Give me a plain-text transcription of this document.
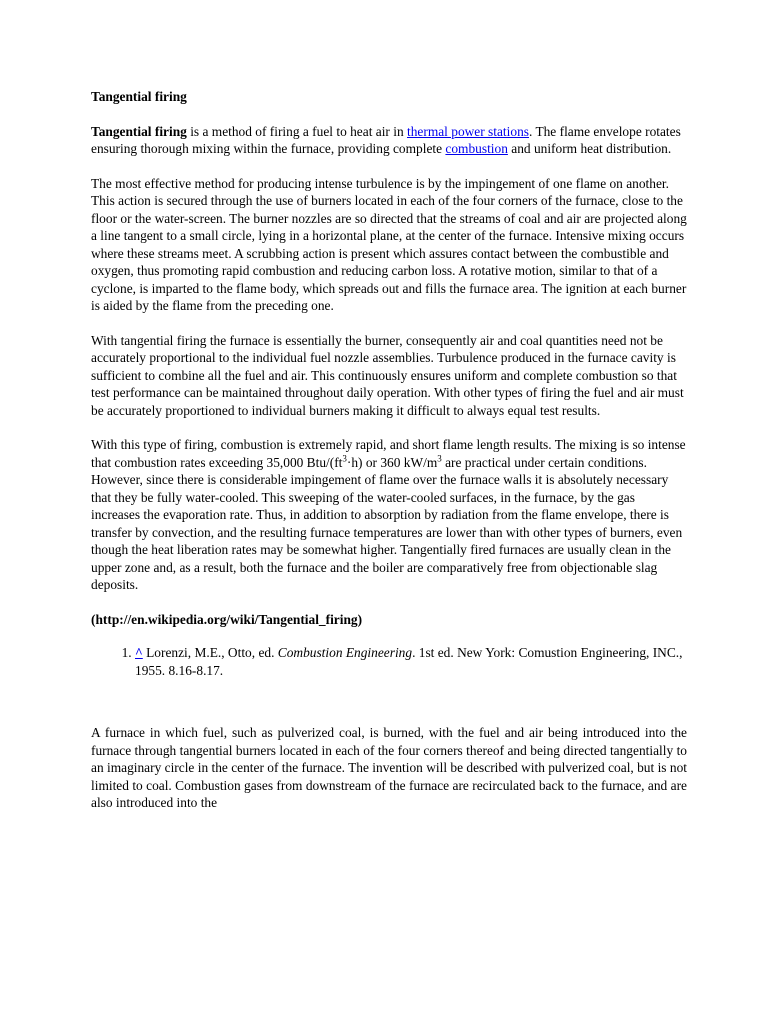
Tangential firing

Tangential firing is a method of firing a fuel to heat air in thermal power stations. The flame envelope rotates ensuring thorough mixing within the furnace, providing complete combustion and uniform heat distribution.

The most effective method for producing intense turbulence is by the impingement of one flame on another. This action is secured through the use of burners located in each of the four corners of the furnace, close to the floor or the water-screen. The burner nozzles are so directed that the streams of coal and air are projected along a line tangent to a small circle, lying in a horizontal plane, at the center of the furnace. Intensive mixing occurs where these streams meet. A scrubbing action is present which assures contact between the combustible and oxygen, thus promoting rapid combustion and reducing carbon loss. A rotative motion, similar to that of a cyclone, is imparted to the flame body, which spreads out and fills the furnace area. The ignition at each burner is aided by the flame from the preceding one.

With tangential firing the furnace is essentially the burner, consequently air and coal quantities need not be accurately proportional to the individual fuel nozzle assemblies. Turbulence produced in the furnace cavity is sufficient to combine all the fuel and air. This continuously ensures uniform and complete combustion so that test performance can be maintained throughout daily operation. With other types of firing the fuel and air must be accurately proportioned to individual burners making it difficult to always equal test results.

With this type of firing, combustion is extremely rapid, and short flame length results. The mixing is so intense that combustion rates exceeding 35,000 Btu/$(ft^3\cdot h)$ or 360 $kW/m^3$ are practical under certain conditions. However, since there is considerable impingement of flame over the furnace walls it is absolutely necessary that they be fully water-cooled. This sweeping of the water-cooled surfaces, in the furnace, by the gas increases the evaporation rate. Thus, in addition to absorption by radiation from the flame envelope, there is transfer by convection, and the resulting furnace temperatures are lower than with other types of burners, even though the heat liberation rates may be somewhat higher. Tangentially fired furnaces are usually clean in the upper zone and, as a result, both the furnace and the boiler are comparatively free from objectionable slag deposits.

(http://en.wikipedia.org/wiki/Tangential_firing)

1. ^ Lorenzi, M.E., Otto, ed. Combustion Engineering. 1st ed. New York: Comustion Engineering, INC., 1955. 8.16-8.17.

A furnace in which fuel, such as pulverized coal, is burned, with the fuel and air being introduced into the furnace through tangential burners located in each of the four corners thereof and being directed tangentially to an imaginary circle in the center of the furnace. The invention will be described with pulverized coal, but is not limited to coal. Combustion gases from downstream of the furnace are recirculated back to the furnace, and are also introduced into the
